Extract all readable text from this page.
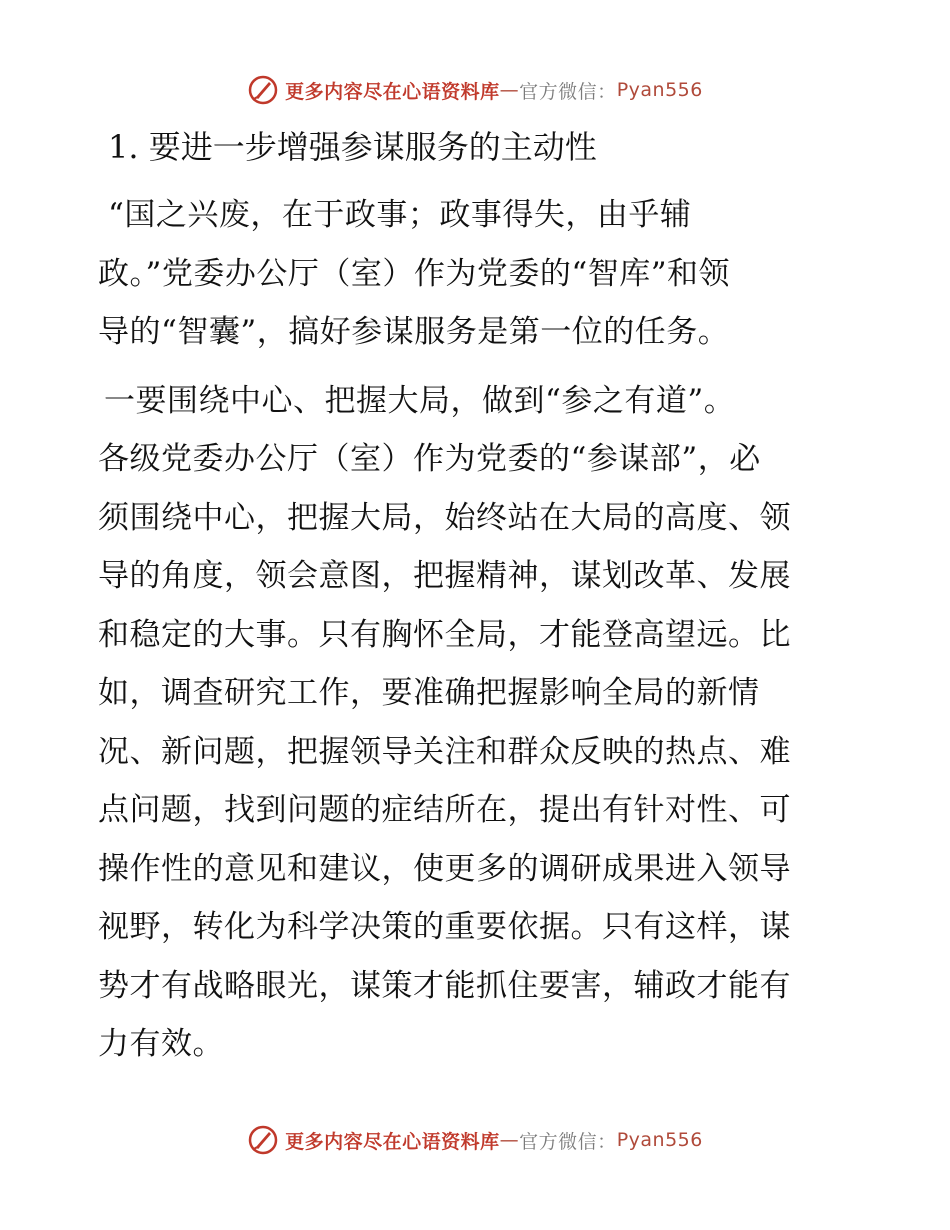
更多内容尽在心语资料库 — 官方微信： Pyan556
1. 要进一步增强参谋服务的主动性
“国之兴废，在于政事；政事得失，由乎辅
政。”党委办公厅（室）作为党委的“智库”和领
导的“智囊”，搞好参谋服务是第一位的任务。
一要围绕中心、把握大局，做到“参之有道”。
各级党委办公厅（室）作为党委的“参谋部”，必
须围绕中心，把握大局，始终站在大局的高度、领
导的角度，领会意图，把握精神，谋划改革、发展
和稳定的大事。只有胸怀全局，才能登高望远。比
如，调查研究工作，要准确把握影响全局的新情
况、新问题，把握领导关注和群众反映的热点、难
点问题，找到问题的症结所在，提出有针对性、可
操作性的意见和建议，使更多的调研成果进入领导
视野，转化为科学决策的重要依据。只有这样，谋
势才有战略眼光，谋策才能抓住要害，辅政才能有
力有效。
更多内容尽在心语资料库 — 官方微信： Pyan556
